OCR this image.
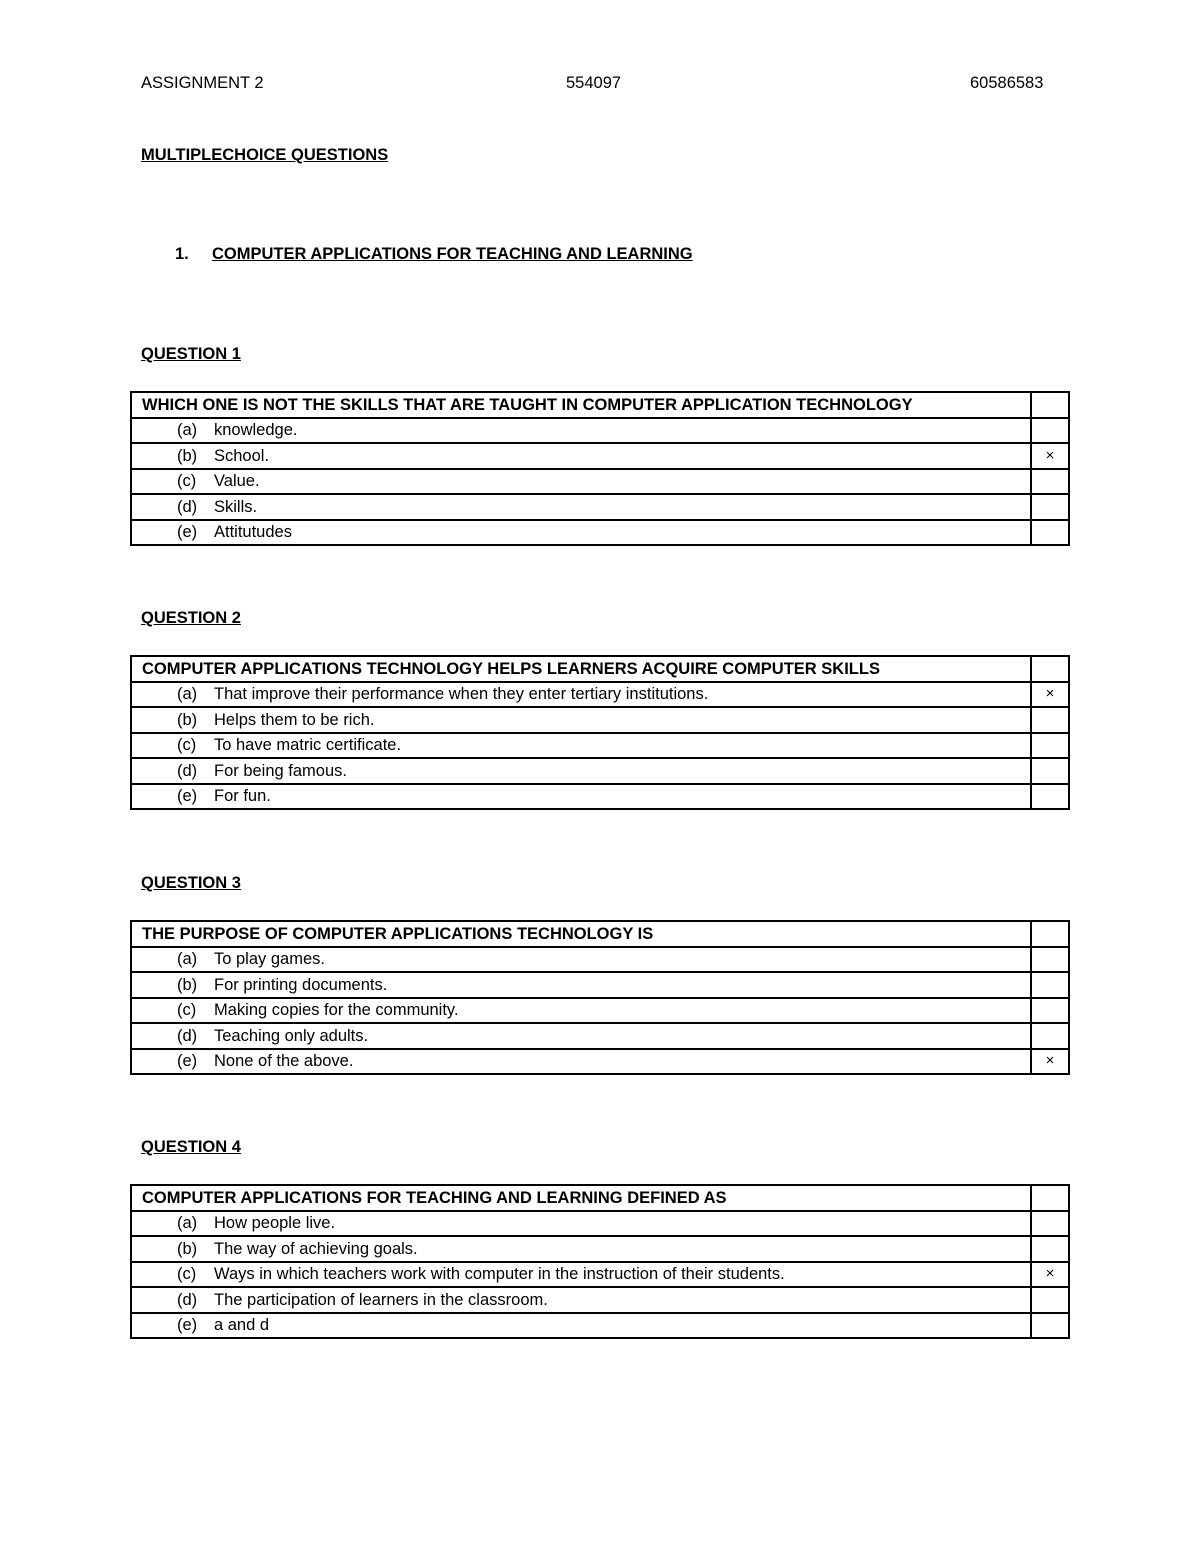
ASSIGNMENT 2	554097	60586583
MULTIPLECHOICE QUESTIONS
1. COMPUTER APPLICATIONS FOR TEACHING AND LEARNING
QUESTION 1
WHICH ONE IS NOT THE SKILLS THAT ARE TAUGHT IN COMPUTER APPLICATION TECHNOLOGY	
(a) knowledge.	
(b) School.	×
(c) Value.	
(d) Skills.	
(e) Attitutudes	
QUESTION 2
COMPUTER APPLICATIONS TECHNOLOGY HELPS LEARNERS ACQUIRE COMPUTER SKILLS	
(a) That improve their performance when they enter tertiary institutions.	×
(b) Helps them to be rich.	
(c) To have matric certificate.	
(d) For being famous.	
(e) For fun.	
QUESTION 3
THE PURPOSE OF COMPUTER APPLICATIONS TECHNOLOGY IS	
(a) To play games.	
(b) For printing documents.	
(c) Making copies for the community.	
(d) Teaching only adults.	
(e) None of the above.	×
QUESTION 4
COMPUTER APPLICATIONS FOR TEACHING AND LEARNING DEFINED AS	
(a) How people live.	
(b) The way of achieving goals.	
(c) Ways in which teachers work with computer in the instruction of their students.	×
(d) The participation of learners in the classroom.	
(e) a and d	
